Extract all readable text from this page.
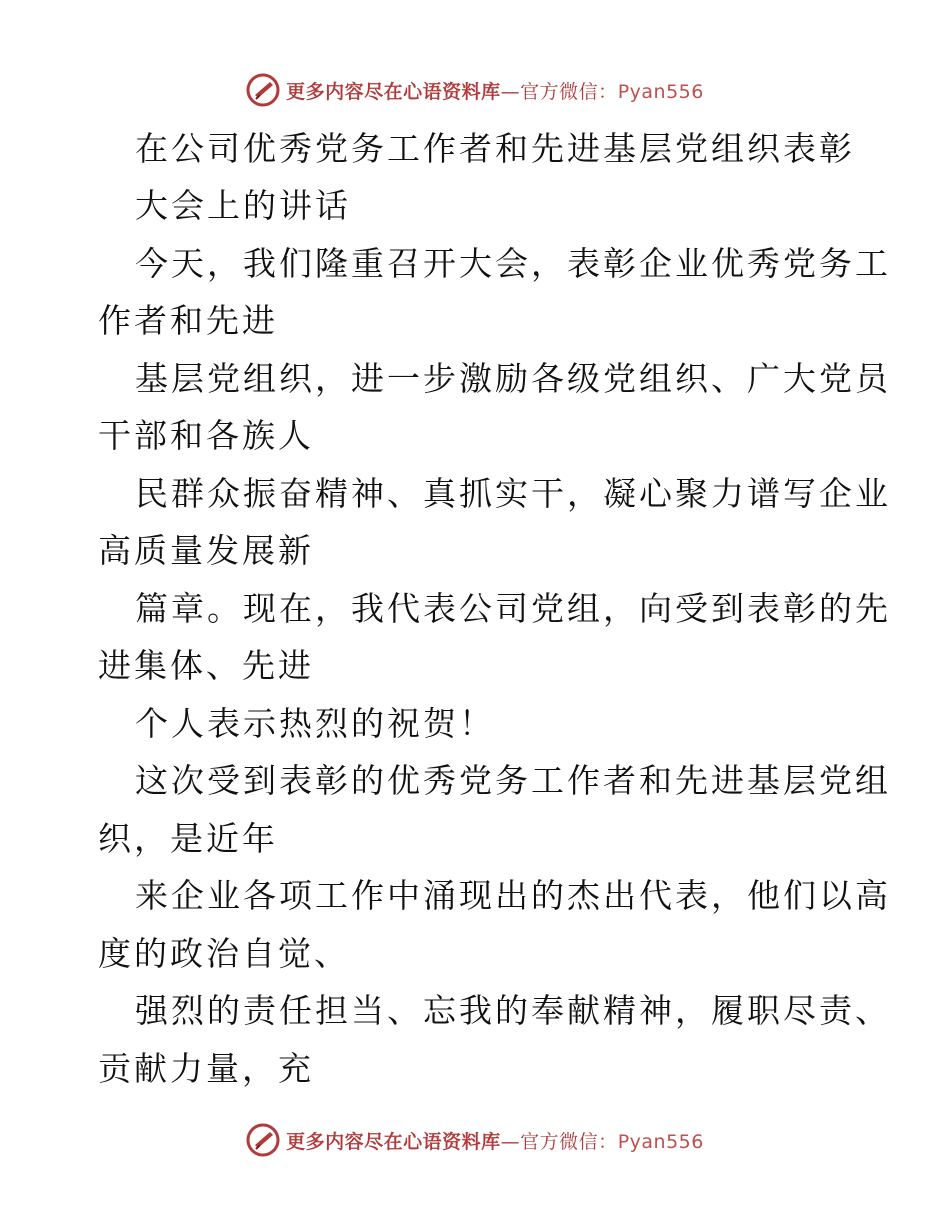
更多内容尽在心语资料库—官方微信：Pyan556
在公司优秀党务工作者和先进基层党组织表彰
大会上的讲话
今天，我们隆重召开大会，表彰企业优秀党务工
作者和先进
基层党组织，进一步激励各级党组织、广大党员
干部和各族人
民群众振奋精神、真抓实干，凝心聚力谱写企业
高质量发展新
篇章。现在，我代表公司党组，向受到表彰的先
进集体、先进
个人表示热烈的祝贺！
这次受到表彰的优秀党务工作者和先进基层党组
织，是近年
来企业各项工作中涌现出的杰出代表，他们以高
度的政治自觉、
强烈的责任担当、忘我的奉献精神，履职尽责、
贡献力量，充
更多内容尽在心语资料库—官方微信：Pyan556
